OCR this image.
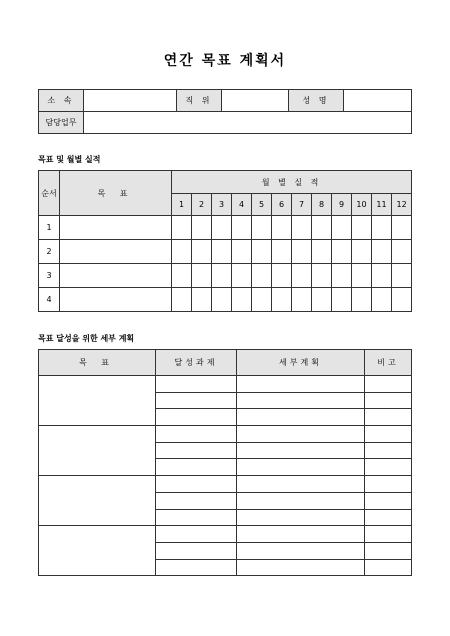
연간 목표 계획서
소 속		직 위		성 명	
담당업무					
목표 및 월별 실적
순서	목 표	월 별 실 적											
		1	2	3	4	5	6	7	8	9	10	11	12
1													
2													
3													
4													
목표 달성을 위한 세부 계획
목 표	달성과제	세부계획	비고
